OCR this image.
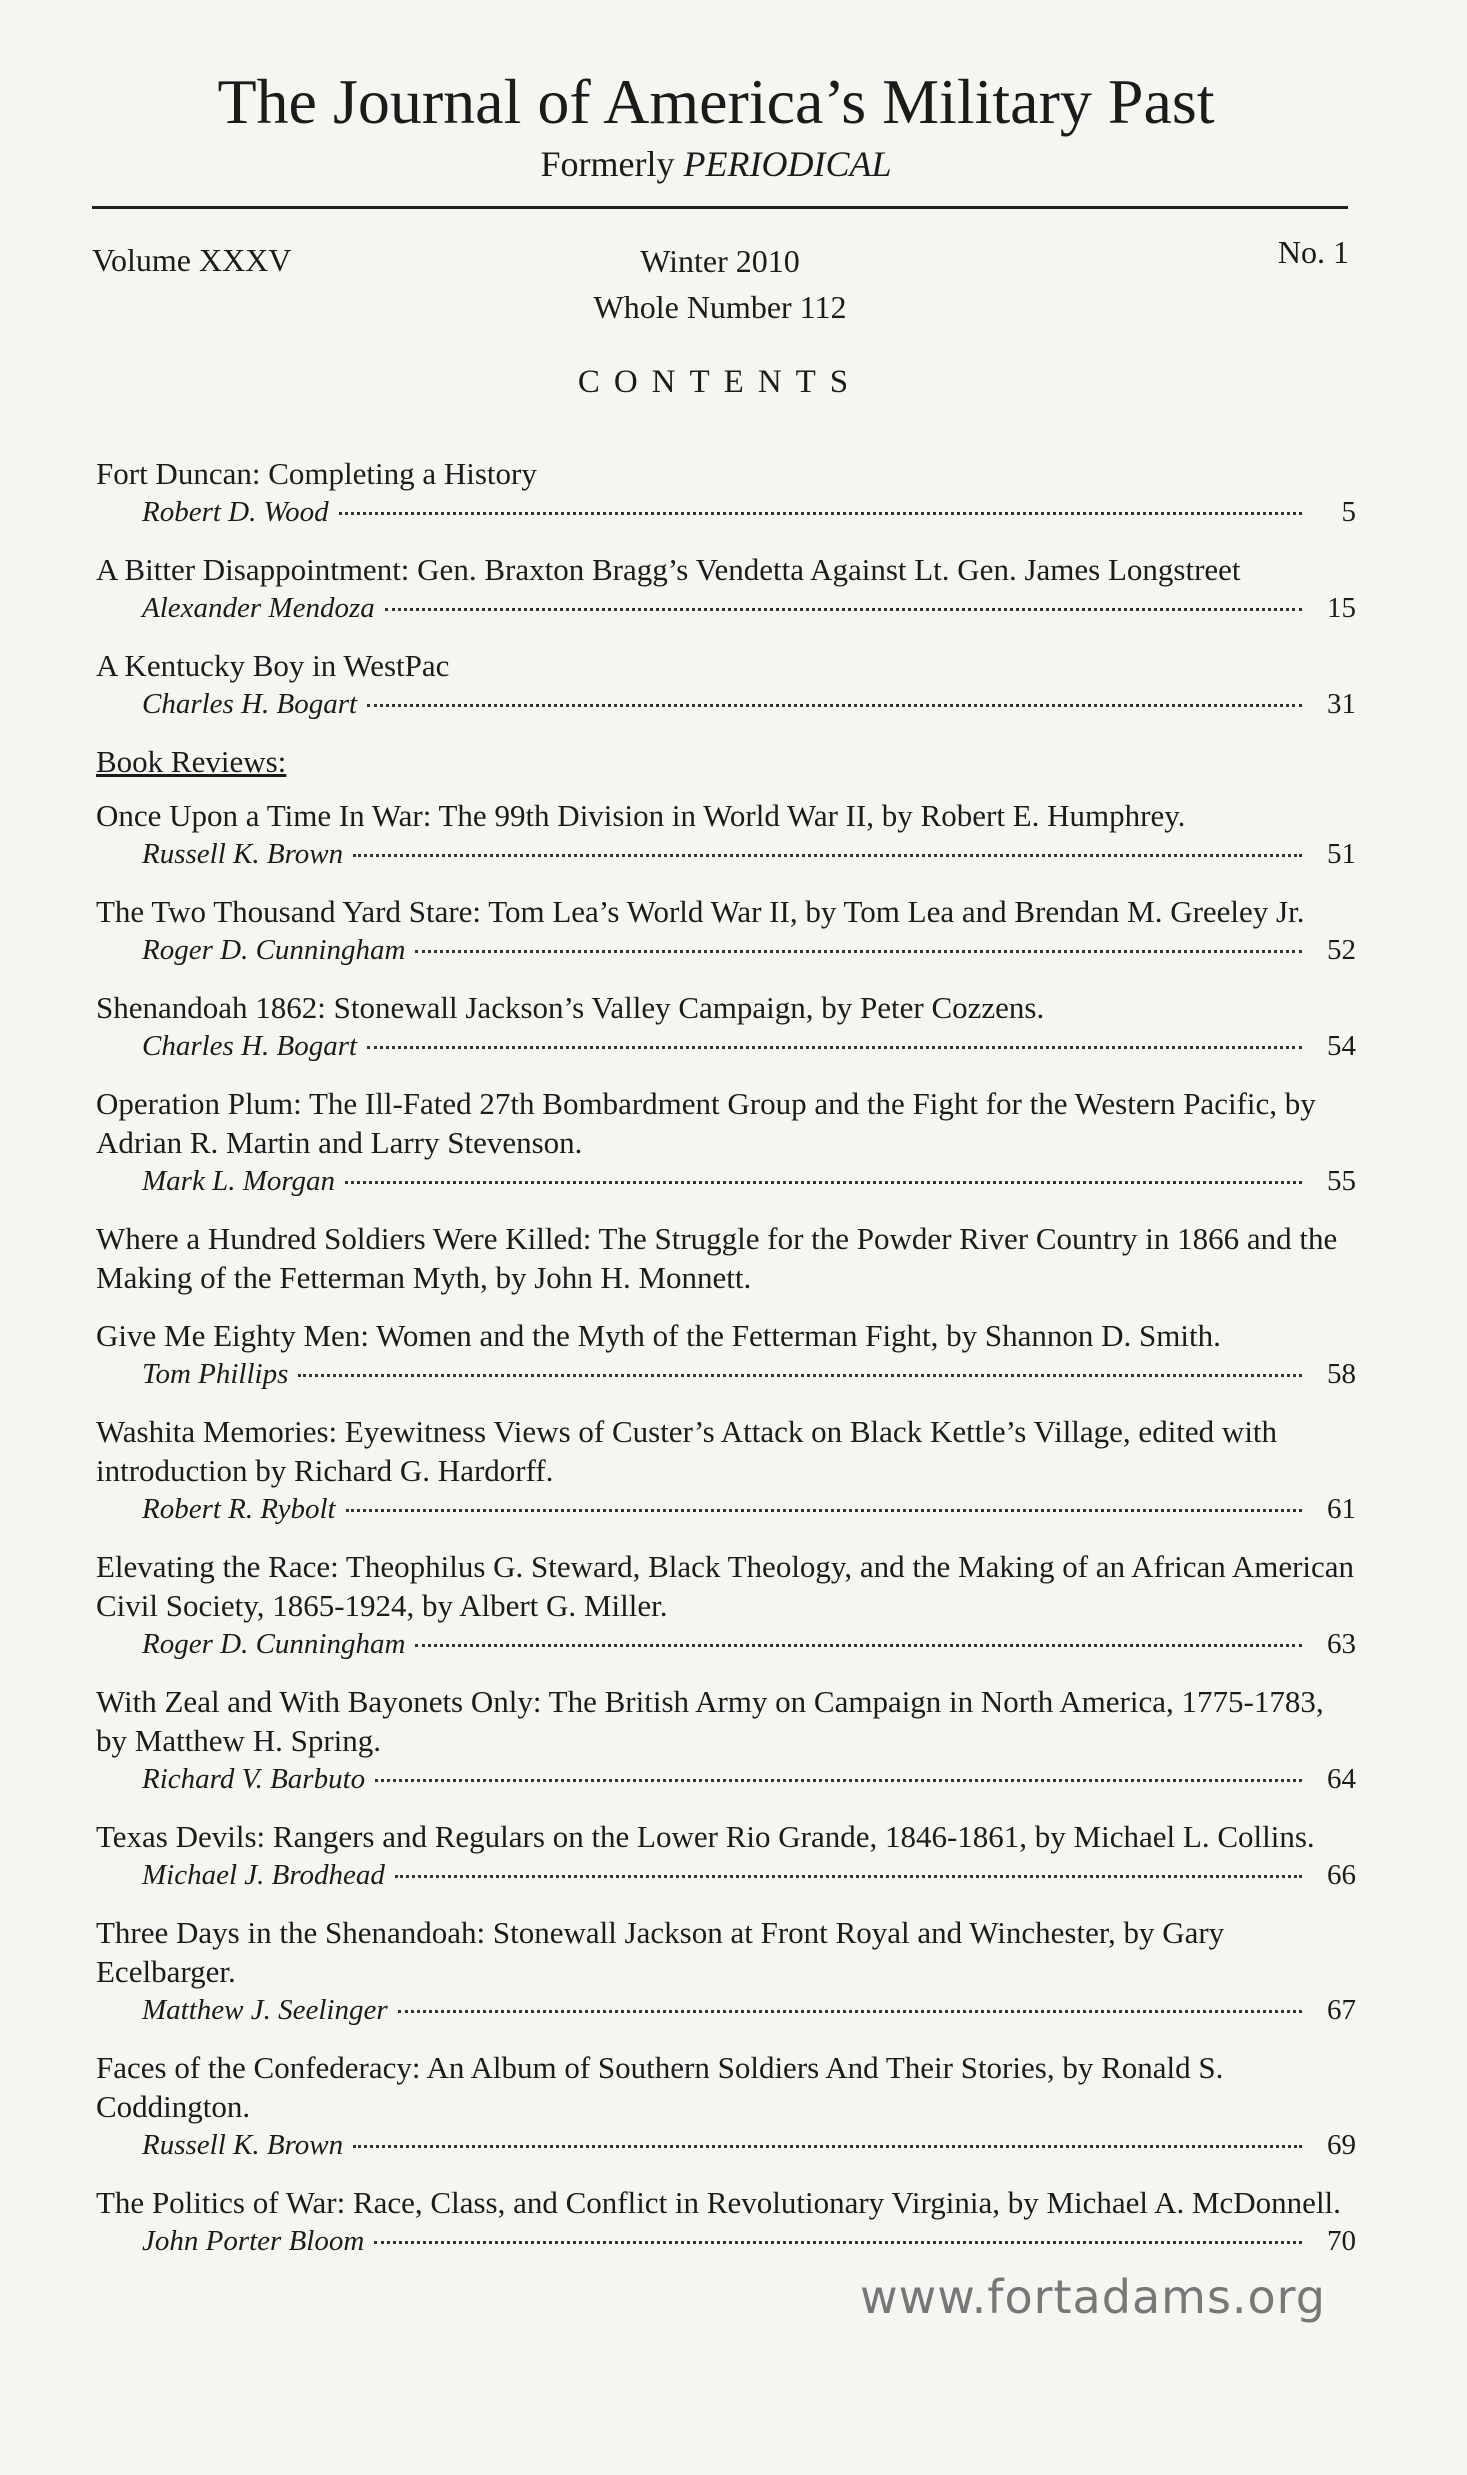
The Journal of America’s Military Past
Formerly PERIODICAL
Volume XXXV	Winter 2010
Whole Number 112
No. 1
CONTENTS
Fort Duncan: Completing a History
Robert D. Wood	5
A Bitter Disappointment: Gen. Braxton Bragg’s Vendetta Against Lt. Gen. James Longstreet
Alexander Mendoza	15
A Kentucky Boy in WestPac
Charles H. Bogart	31
Book Reviews:
Once Upon a Time In War: The 99th Division in World War II, by Robert E. Humphrey.
Russell K. Brown	51
The Two Thousand Yard Stare: Tom Lea’s World War II, by Tom Lea and Brendan M. Greeley Jr.
Roger D. Cunningham	52
Shenandoah 1862: Stonewall Jackson’s Valley Campaign, by Peter Cozzens.
Charles H. Bogart	54
Operation Plum: The Ill-Fated 27th Bombardment Group and the Fight for the Western Pacific, by Adrian R. Martin and Larry Stevenson.
Mark L. Morgan	55
Where a Hundred Soldiers Were Killed: The Struggle for the Powder River Country in 1866 and the Making of the Fetterman Myth, by John H. Monnett.
Give Me Eighty Men: Women and the Myth of the Fetterman Fight, by Shannon D. Smith.
Tom Phillips	58
Washita Memories: Eyewitness Views of Custer’s Attack on Black Kettle’s Village, edited with introduction by Richard G. Hardorff.
Robert R. Rybolt	61
Elevating the Race: Theophilus G. Steward, Black Theology, and the Making of an African American Civil Society, 1865-1924, by Albert G. Miller.
Roger D. Cunningham	63
With Zeal and With Bayonets Only: The British Army on Campaign in North America, 1775-1783, by Matthew H. Spring.
Richard V. Barbuto	64
Texas Devils: Rangers and Regulars on the Lower Rio Grande, 1846-1861, by Michael L. Collins.
Michael J. Brodhead	66
Three Days in the Shenandoah: Stonewall Jackson at Front Royal and Winchester, by Gary Ecelbarger.
Matthew J. Seelinger	67
Faces of the Confederacy: An Album of Southern Soldiers And Their Stories, by Ronald S. Coddington.
Russell K. Brown	69
The Politics of War: Race, Class, and Conflict in Revolutionary Virginia, by Michael A. McDonnell.
John Porter Bloom	70
www.fortadams.org
